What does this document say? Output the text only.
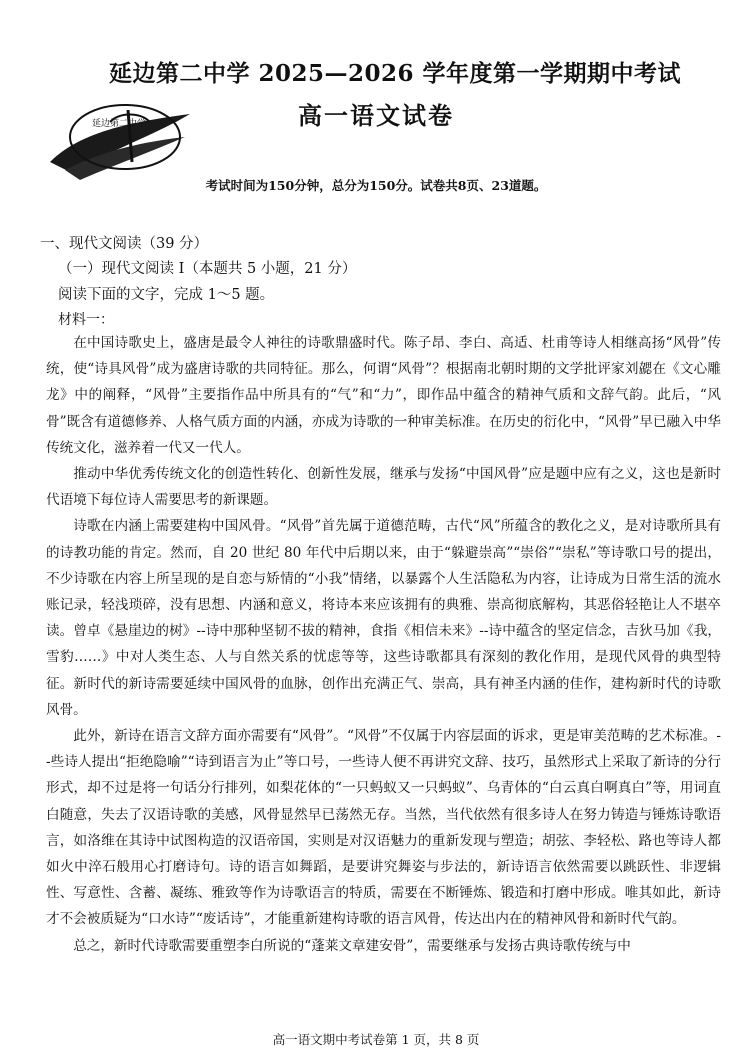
延边第二中学
延边第二中学 2025—2026 学年度第一学期期中考试
高一语文试卷
考试时间为150分钟，总分为150分。试卷共8页、23道题。
一、现代文阅读（39 分）
（一）现代文阅读 I（本题共 5 小题，21 分）
阅读下面的文字，完成 1～5 题。
材料一：

在中国诗歌史上，盛唐是最令人神往的诗歌鼎盛时代。陈子昂、李白、高适、杜甫等诗人相继高扬“风骨”传统，使“诗具风骨”成为盛唐诗歌的共同特征。那么，何谓“风骨”？根据南北朝时期的文学批评家刘勰在《文心雕龙》中的阐释，“风骨”主要指作品中所具有的“气”和“力”，即作品中蕴含的精神气质和文辞气韵。此后，“风骨”既含有道德修养、人格气质方面的内涵，亦成为诗歌的一种审美标准。在历史的衍化中，“风骨”早已融入中华传统文化，滋养着一代又一代人。

推动中华优秀传统文化的创造性转化、创新性发展，继承与发扬“中国风骨”应是题中应有之义，这也是新时代语境下每位诗人需要思考的新课题。

诗歌在内涵上需要建构中国风骨。“风骨”首先属于道德范畴，古代“风”所蕴含的教化之义，是对诗歌所具有的诗教功能的肯定。然而，自 20 世纪 80 年代中后期以来，由于“躲避崇高”“崇俗”“崇私”等诗歌口号的提出，不少诗歌在内容上所呈现的是自恋与矫情的“小我”情绪，以暴露个人生活隐私为内容，让诗成为日常生活的流水账记录，轻浅琐碎，没有思想、内涵和意义，将诗本来应该拥有的典雅、崇高彻底解构，其恶俗轻艳让人不堪卒读。曾卓《悬崖边的树》--诗中那种坚韧不拔的精神，食指《相信未来》--诗中蕴含的坚定信念，吉狄马加《我，雪豹……》中对人类生态、人与自然关系的忧虑等等，这些诗歌都具有深刻的教化作用，是现代风骨的典型特征。新时代的新诗需要延续中国风骨的血脉，创作出充满正气、崇高，具有神圣内涵的佳作，建构新时代的诗歌风骨。

此外，新诗在语言文辞方面亦需要有“风骨”。“风骨”不仅属于内容层面的诉求，更是审美范畴的艺术标准。--些诗人提出“拒绝隐喻”“诗到语言为止”等口号，一些诗人便不再讲究文辞、技巧，虽然形式上采取了新诗的分行形式，却不过是将一句话分行排列，如梨花体的“一只蚂蚁又一只蚂蚁”、乌青体的“白云真白啊真白”等，用词直白随意，失去了汉语诗歌的美感，风骨显然早已荡然无存。当然，当代依然有很多诗人在努力铸造与锤炼诗歌语言，如洛维在其诗中试图构造的汉语帝国，实则是对汉语魅力的重新发现与塑造；胡弦、李轻松、路也等诗人都如火中淬石般用心打磨诗句。诗的语言如舞蹈，是要讲究舞姿与步法的，新诗语言依然需要以跳跃性、非逻辑性、写意性、含蓄、凝练、雅致等作为诗歌语言的特质，需要在不断锤炼、锻造和打磨中形成。唯其如此，新诗才不会被质疑为“口水诗”“废话诗”，才能重新建构诗歌的语言风骨，传达出内在的精神风骨和新时代气韵。

总之，新时代诗歌需要重塑李白所说的“蓬莱文章建安骨”，需要继承与发扬古典诗歌传统与中

高一语文期中考试卷第 1 页，共 8 页
